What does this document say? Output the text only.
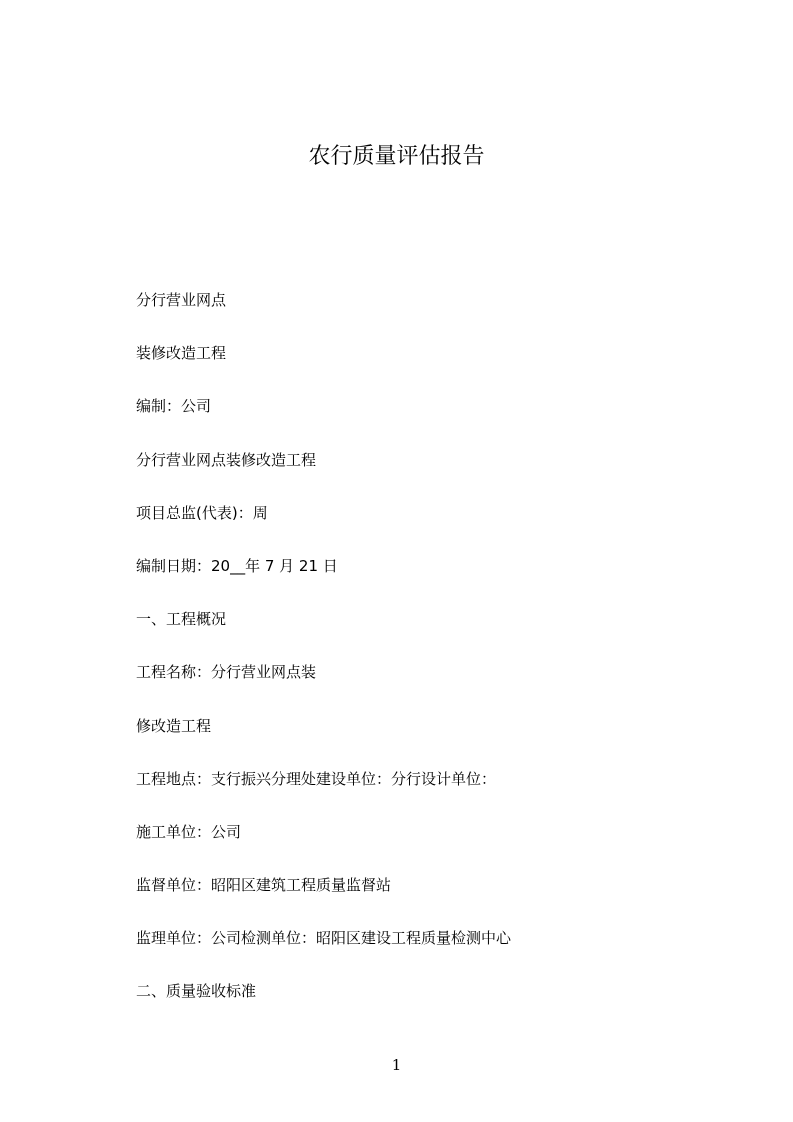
农行质量评估报告
分行营业网点
装修改造工程
编制：公司
分行营业网点装修改造工程
项目总监(代表)：周
编制日期：20__年 7 月 21 日
一、工程概况
工程名称：分行营业网点装
修改造工程
工程地点：支行振兴分理处建设单位：分行设计单位：
施工单位：公司
监督单位：昭阳区建筑工程质量监督站
监理单位：公司检测单位：昭阳区建设工程质量检测中心
二、质量验收标准
1
